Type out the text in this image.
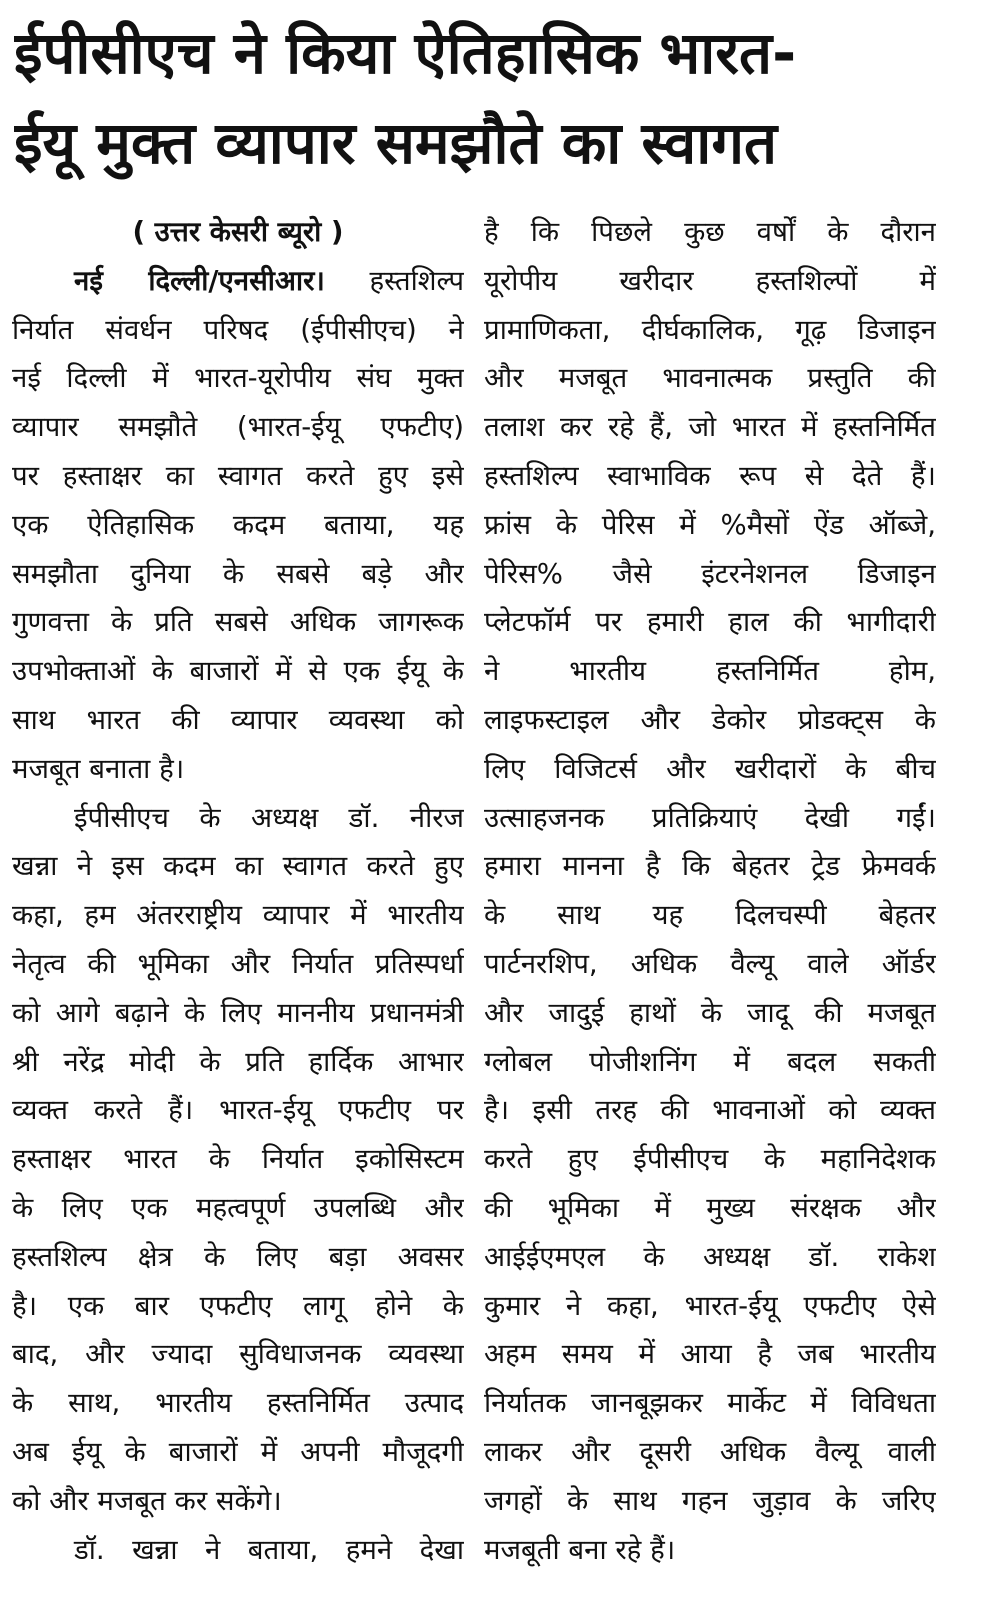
ईपीसीएच ने किया ऐतिहासिक भारत-
ईयू मुक्त व्यापार समझौते का स्वागत
( उत्तर केसरी ब्यूरो )
नई दिल्ली/एनसीआर। हस्तशिल्प
निर्यात संवर्धन परिषद (ईपीसीएच) ने
नई दिल्ली में भारत-यूरोपीय संघ मुक्त
व्यापार समझौते (भारत-ईयू एफटीए)
पर हस्ताक्षर का स्वागत करते हुए इसे
एक ऐतिहासिक कदम बताया, यह
समझौता दुनिया के सबसे बड़े और
गुणवत्ता के प्रति सबसे अधिक जागरूक
उपभोक्ताओं के बाजारों में से एक ईयू के
साथ भारत की व्यापार व्यवस्था को
मजबूत बनाता है।
ईपीसीएच के अध्यक्ष डॉ. नीरज
खन्ना ने इस कदम का स्वागत करते हुए
कहा, हम अंतरराष्ट्रीय व्यापार में भारतीय
नेतृत्व की भूमिका और निर्यात प्रतिस्पर्धा
को आगे बढ़ाने के लिए माननीय प्रधानमंत्री
श्री नरेंद्र मोदी के प्रति हार्दिक आभार
व्यक्त करते हैं। भारत-ईयू एफटीए पर
हस्ताक्षर भारत के निर्यात इकोसिस्टम
के लिए एक महत्वपूर्ण उपलब्धि और
हस्तशिल्प क्षेत्र के लिए बड़ा अवसर
है। एक बार एफटीए लागू होने के
बाद, और ज्यादा सुविधाजनक व्यवस्था
के साथ, भारतीय हस्तनिर्मित उत्पाद
अब ईयू के बाजारों में अपनी मौजूदगी
को और मजबूत कर सकेंगे।
डॉ. खन्ना ने बताया, हमने देखा
है कि पिछले कुछ वर्षों के दौरान
यूरोपीय खरीदार हस्तशिल्पों में
प्रामाणिकता, दीर्घकालिक, गूढ़ डिजाइन
और मजबूत भावनात्मक प्रस्तुति की
तलाश कर रहे हैं, जो भारत में हस्तनिर्मित
हस्तशिल्प स्वाभाविक रूप से देते हैं।
फ्रांस के पेरिस में %मैसों ऐंड ऑब्जे,
पेरिस% जैसे इंटरनेशनल डिजाइन
प्लेटफॉर्म पर हमारी हाल की भागीदारी
ने भारतीय हस्तनिर्मित होम,
लाइफस्टाइल और डेकोर प्रोडक्ट्स के
लिए विजिटर्स और खरीदारों के बीच
उत्साहजनक प्रतिक्रियाएं देखी गईं।
हमारा मानना है कि बेहतर ट्रेड फ्रेमवर्क
के साथ यह दिलचस्पी बेहतर
पार्टनरशिप, अधिक वैल्यू वाले ऑर्डर
और जादुई हाथों के जादू की मजबूत
ग्लोबल पोजीशनिंग में बदल सकती
है। इसी तरह की भावनाओं को व्यक्त
करते हुए ईपीसीएच के महानिदेशक
की भूमिका में मुख्य संरक्षक और
आईईएमएल के अध्यक्ष डॉ. राकेश
कुमार ने कहा, भारत-ईयू एफटीए ऐसे
अहम समय में आया है जब भारतीय
निर्यातक जानबूझकर मार्केट में विविधता
लाकर और दूसरी अधिक वैल्यू वाली
जगहों के साथ गहन जुड़ाव के जरिए
मजबूती बना रहे हैं।
